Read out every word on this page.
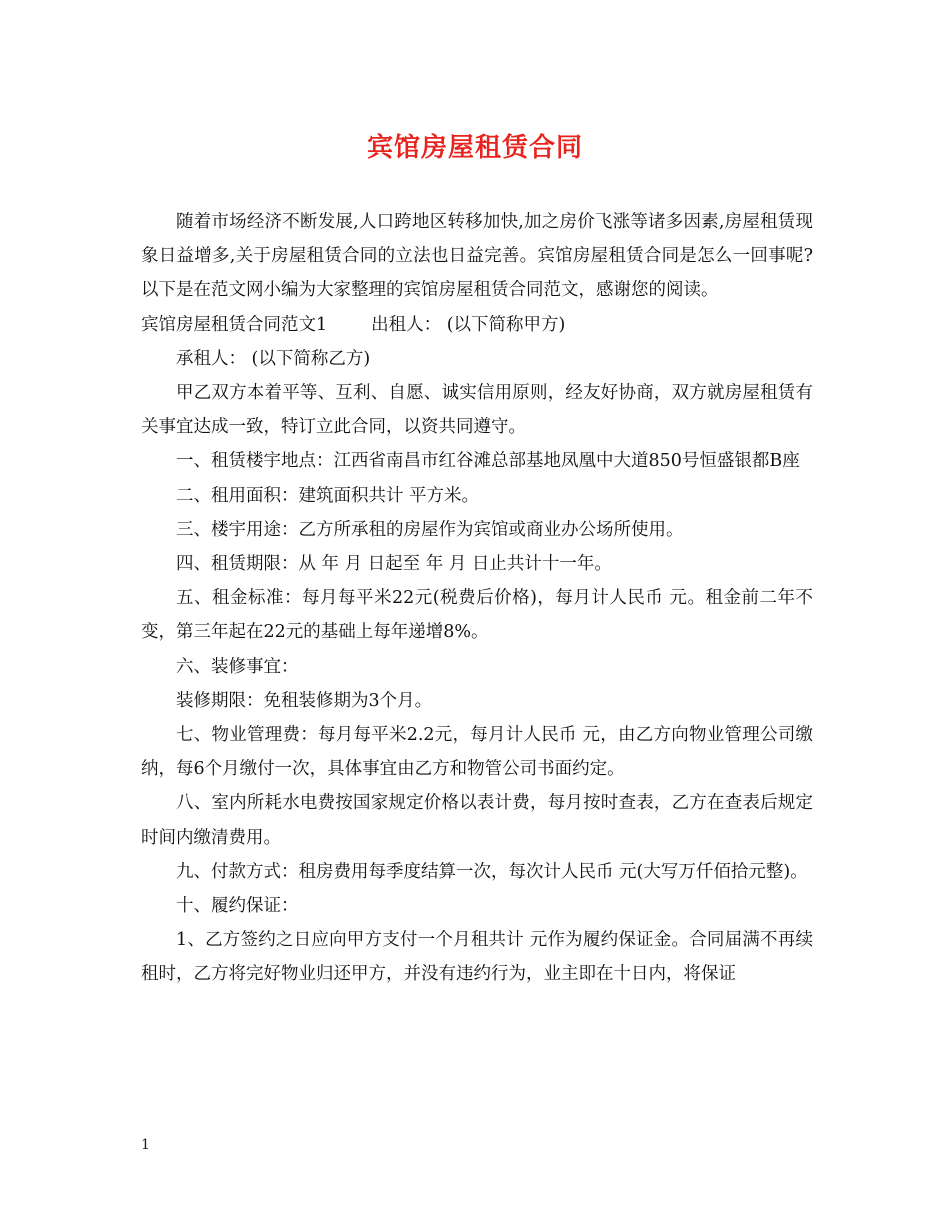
宾馆房屋租赁合同

随着市场经济不断发展,人口跨地区转移加快,加之房价飞涨等诸多因素,房屋租赁现象日益增多,关于房屋租赁合同的立法也日益完善。宾馆房屋租赁合同是怎么一回事呢?以下是在范文网小编为大家整理的宾馆房屋租赁合同范文，感谢您的阅读。

宾馆房屋租赁合同范文1	出租人： (以下简称甲方)

承租人： (以下简称乙方)

甲乙双方本着平等、互利、自愿、诚实信用原则，经友好协商，双方就房屋租赁有关事宜达成一致，特订立此合同，以资共同遵守。

一、租赁楼宇地点：江西省南昌市红谷滩总部基地凤凰中大道850号恒盛银都B座

二、租用面积：建筑面积共计 平方米。

三、楼宇用途：乙方所承租的房屋作为宾馆或商业办公场所使用。

四、租赁期限：从 年 月 日起至 年 月 日止共计十一年。

五、租金标准：每月每平米22元(税费后价格)，每月计人民币 元。租金前二年不变，第三年起在22元的基础上每年递增8%。

六、装修事宜：

装修期限：免租装修期为3个月。

七、物业管理费：每月每平米2.2元，每月计人民币 元，由乙方向物业管理公司缴纳，每6个月缴付一次，具体事宜由乙方和物管公司书面约定。

八、室内所耗水电费按国家规定价格以表计费，每月按时查表，乙方在查表后规定时间内缴清费用。

九、付款方式：租房费用每季度结算一次，每次计人民币 元(大写万仟佰拾元整)。

十、履约保证：

1、乙方签约之日应向甲方支付一个月租共计 元作为履约保证金。合同届满不再续租时，乙方将完好物业归还甲方，并没有违约行为，业主即在十日内，将保证

1
